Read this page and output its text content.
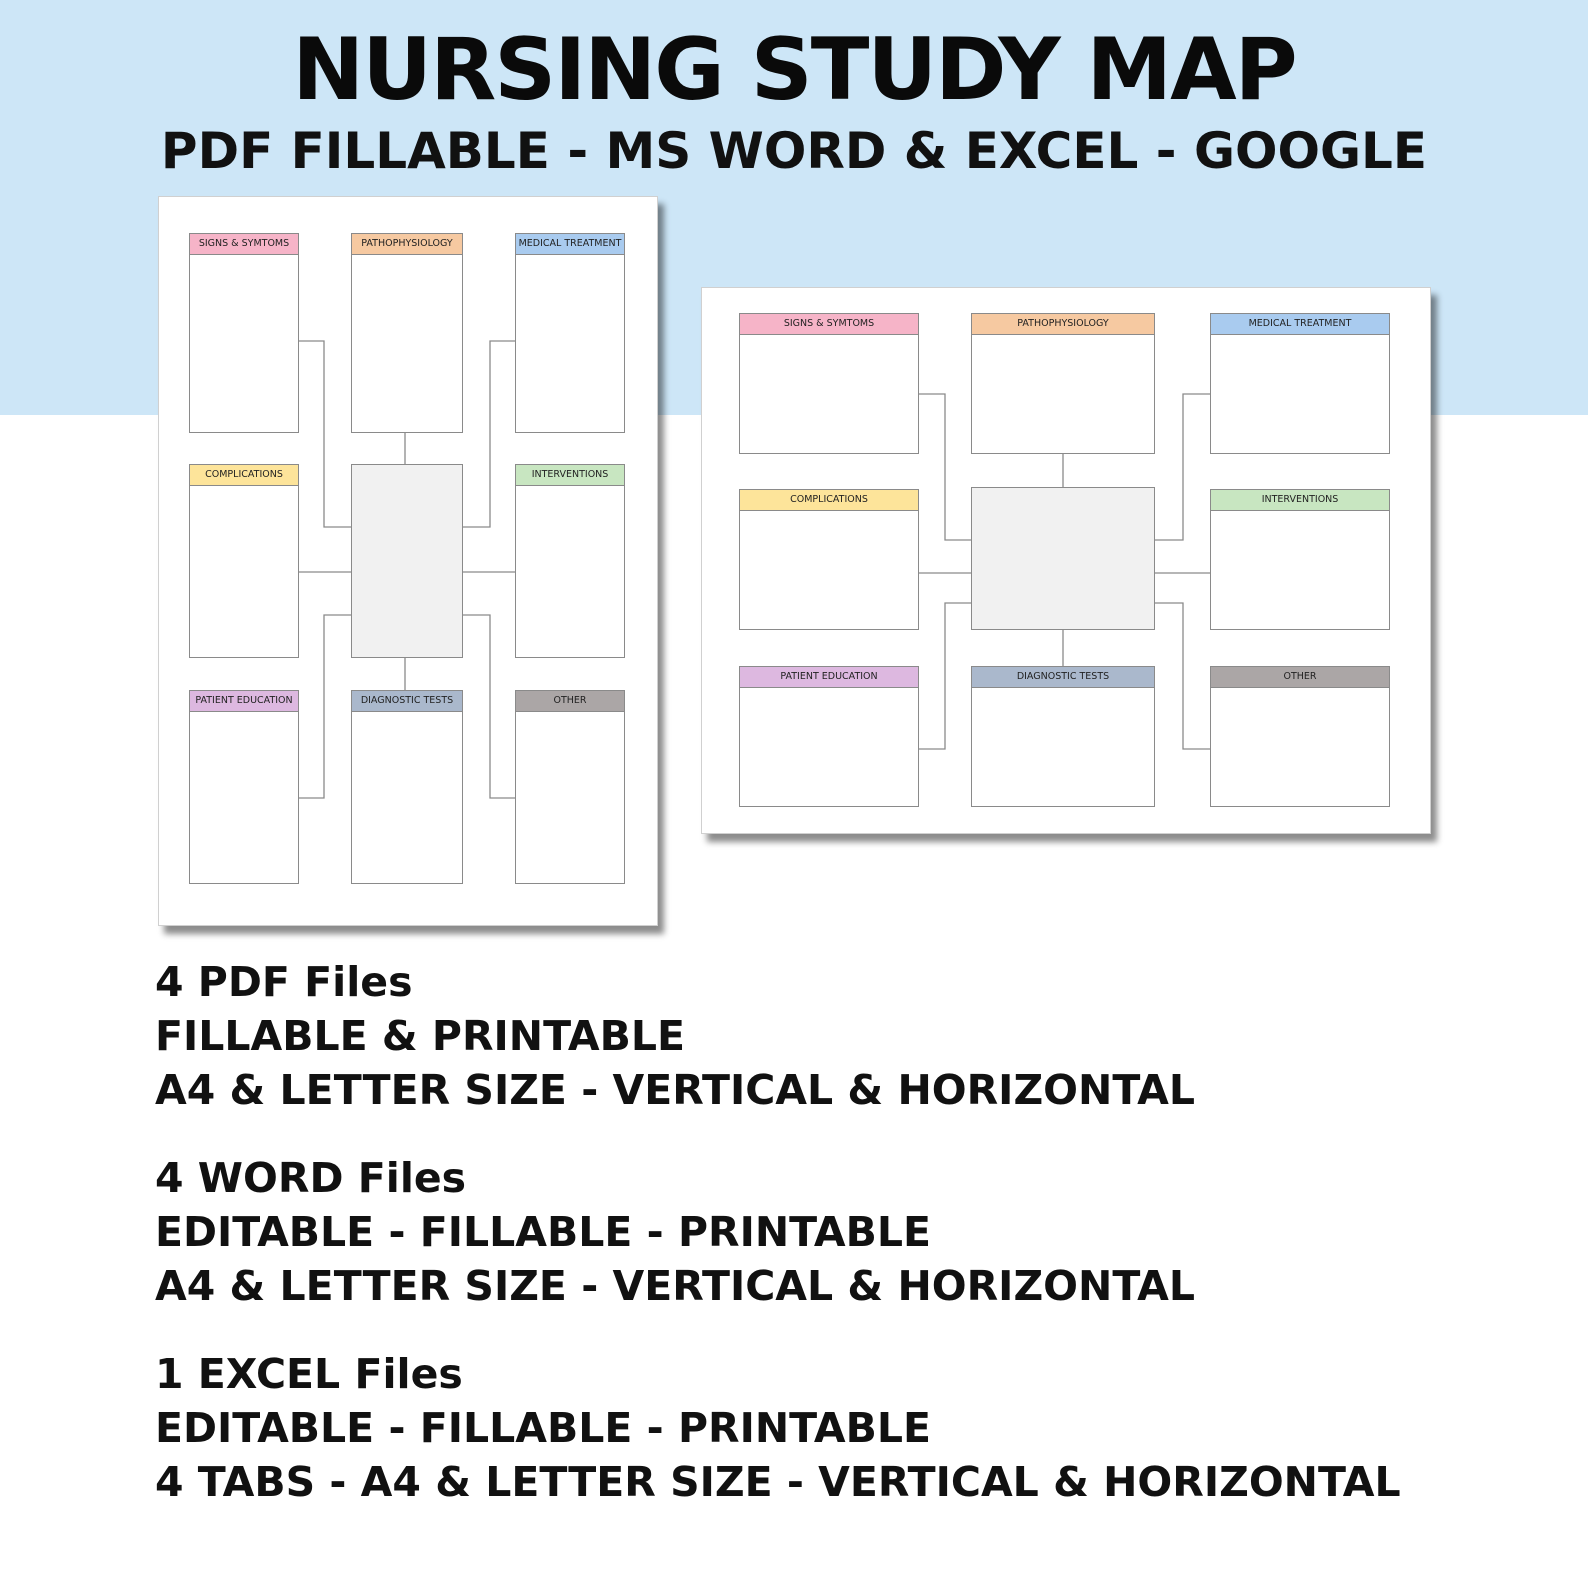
NURSING STUDY MAP
PDF FILLABLE - MS WORD & EXCEL - GOOGLE
SIGNS & SYMTOMS	PATHOPHYSIOLOGY	MEDICAL TREATMENT
COMPLICATIONS	INTERVENTIONS
PATIENT EDUCATION	DIAGNOSTIC TESTS	OTHER
SIGNS & SYMTOMS	PATHOPHYSIOLOGY	MEDICAL TREATMENT
COMPLICATIONS	INTERVENTIONS
PATIENT EDUCATION	DIAGNOSTIC TESTS	OTHER
4 PDF Files
FILLABLE & PRINTABLE
A4 & LETTER SIZE - VERTICAL & HORIZONTAL
4 WORD Files
EDITABLE - FILLABLE - PRINTABLE
A4 & LETTER SIZE - VERTICAL & HORIZONTAL
1 EXCEL Files
EDITABLE - FILLABLE - PRINTABLE
4 TABS - A4 & LETTER SIZE - VERTICAL & HORIZONTAL
